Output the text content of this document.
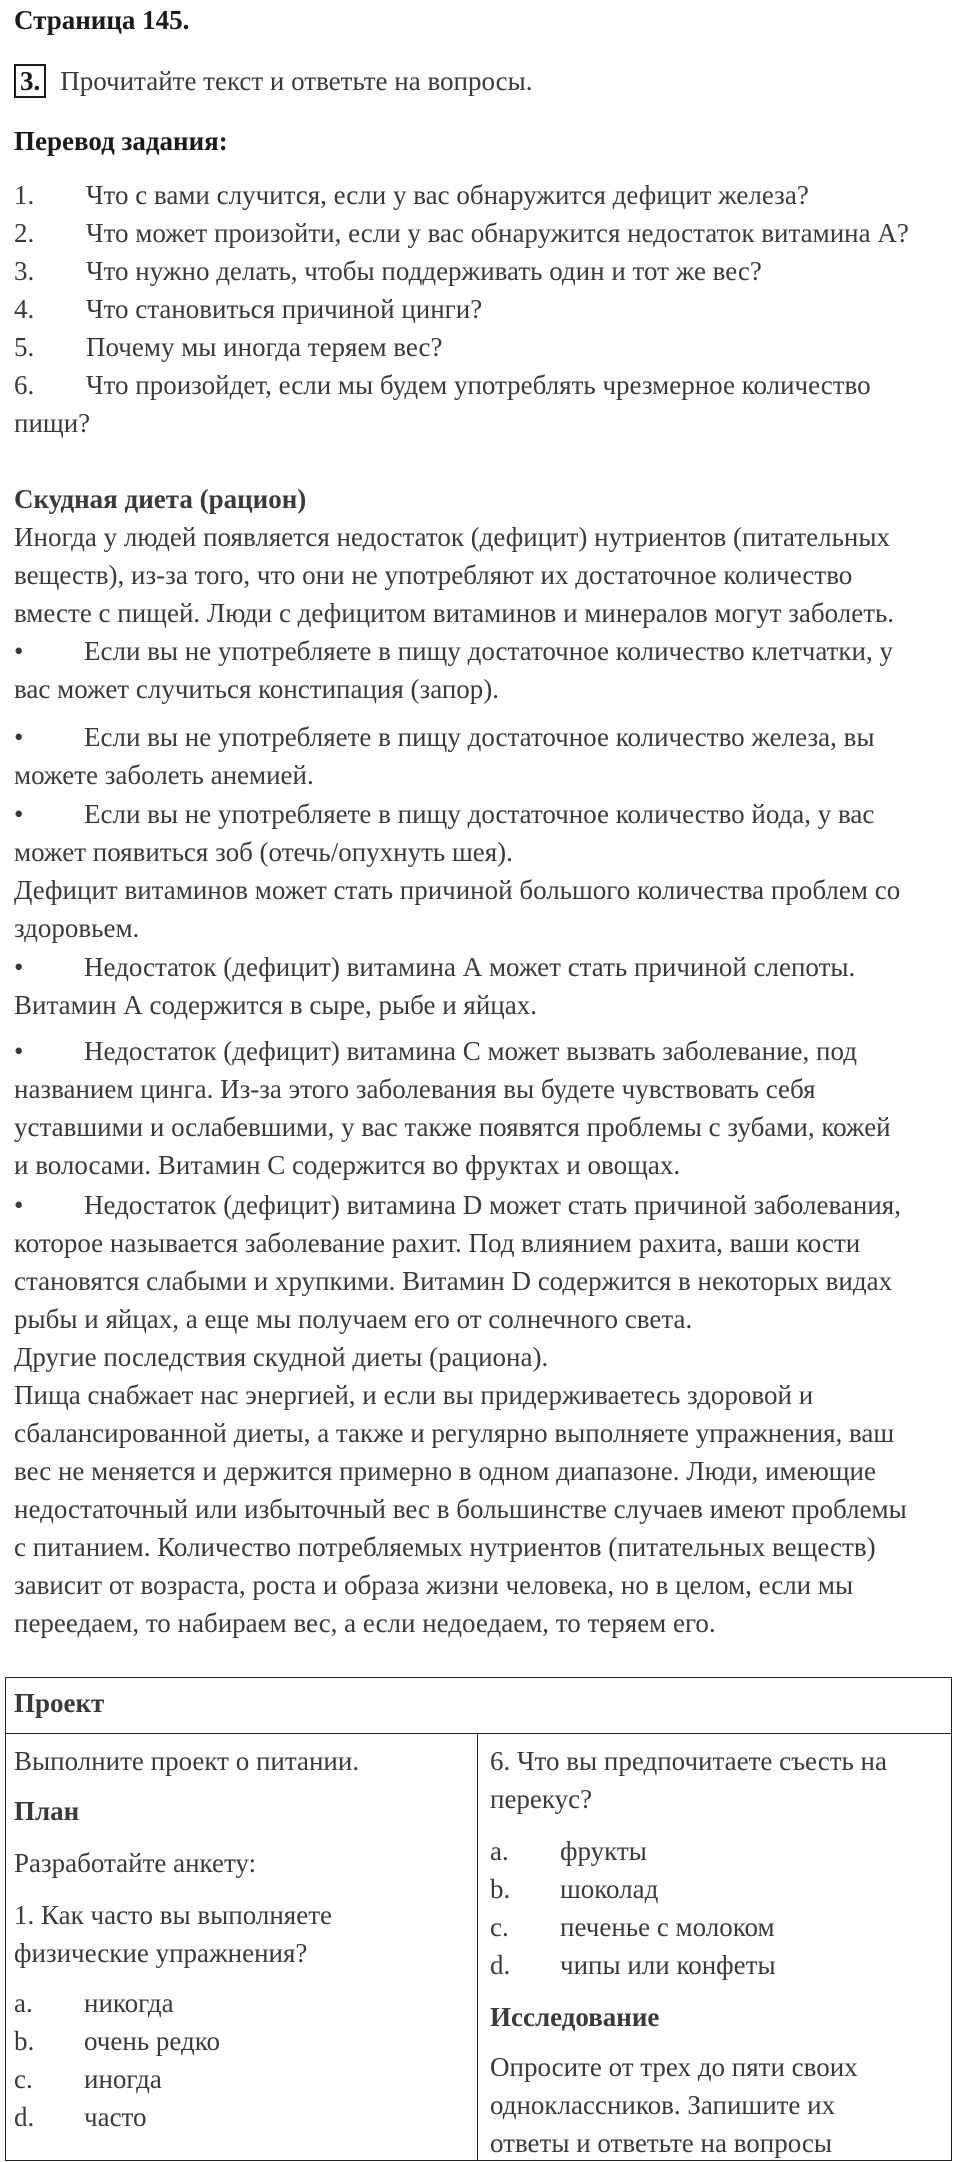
Страница 145.

3. Прочитайте текст и ответьте на вопросы.

Перевод задания:

1. Что с вами случится, если у вас обнаружится дефицит железа?

2. Что может произойти, если у вас обнаружится недостаток витамина А?

3. Что нужно делать, чтобы поддерживать один и тот же вес?

4. Что становиться причиной цинги?

5. Почему мы иногда теряем вес?

6. Что произойдет, если мы будем употреблять чрезмерное количество

пищи?

Скудная диета (рацион)

Иногда у людей появляется недостаток (дефицит) нутриентов (питательных

веществ), из-за того, что они не употребляют их достаточное количество

вместе с пищей. Люди с дефицитом витаминов и минералов могут заболеть.

• Если вы не употребляете в пищу достаточное количество клетчатки, у

вас может случиться констипация (запор).

• Если вы не употребляете в пищу достаточное количество железа, вы

можете заболеть анемией.

• Если вы не употребляете в пищу достаточное количество йода, у вас

может появиться зоб (отечь/опухнуть шея).

Дефицит витаминов может стать причиной большого количества проблем со

здоровьем.

• Недостаток (дефицит) витамина А может стать причиной слепоты.

Витамин А содержится в сыре, рыбе и яйцах.

• Недостаток (дефицит) витамина С может вызвать заболевание, под

названием цинга. Из-за этого заболевания вы будете чувствовать себя

уставшими и ослабевшими, у вас также появятся проблемы с зубами, кожей

и волосами. Витамин С содержится во фруктах и овощах.

• Недостаток (дефицит) витамина D может стать причиной заболевания,

которое называется заболевание рахит. Под влиянием рахита, ваши кости

становятся слабыми и хрупкими. Витамин D содержится в некоторых видах

рыбы и яйцах, а еще мы получаем его от солнечного света.

Другие последствия скудной диеты (рациона).

Пища снабжает нас энергией, и если вы придерживаетесь здоровой и

сбалансированной диеты, а также и регулярно выполняете упражнения, ваш

вес не меняется и держится примерно в одном диапазоне. Люди, имеющие

недостаточный или избыточный вес в большинстве случаев имеют проблемы

с питанием. Количество потребляемых нутриентов (питательных веществ)

зависит от возраста, роста и образа жизни человека, но в целом, если мы

переедаем, то набираем вес, а если недоедаем, то теряем его.

Проект

Выполните проект о питании.

План

Разработайте анкету:

1. Как часто вы выполняете

физические упражнения?

a. никогда

b. очень редко

c. иногда

d. часто

6. Что вы предпочитаете съесть на

перекус?

a. фрукты

b. шоколад

c. печенье с молоком

d. чипы или конфеты

Исследование

Опросите от трех до пяти своих

одноклассников. Запишите их

ответы и ответьте на вопросы
